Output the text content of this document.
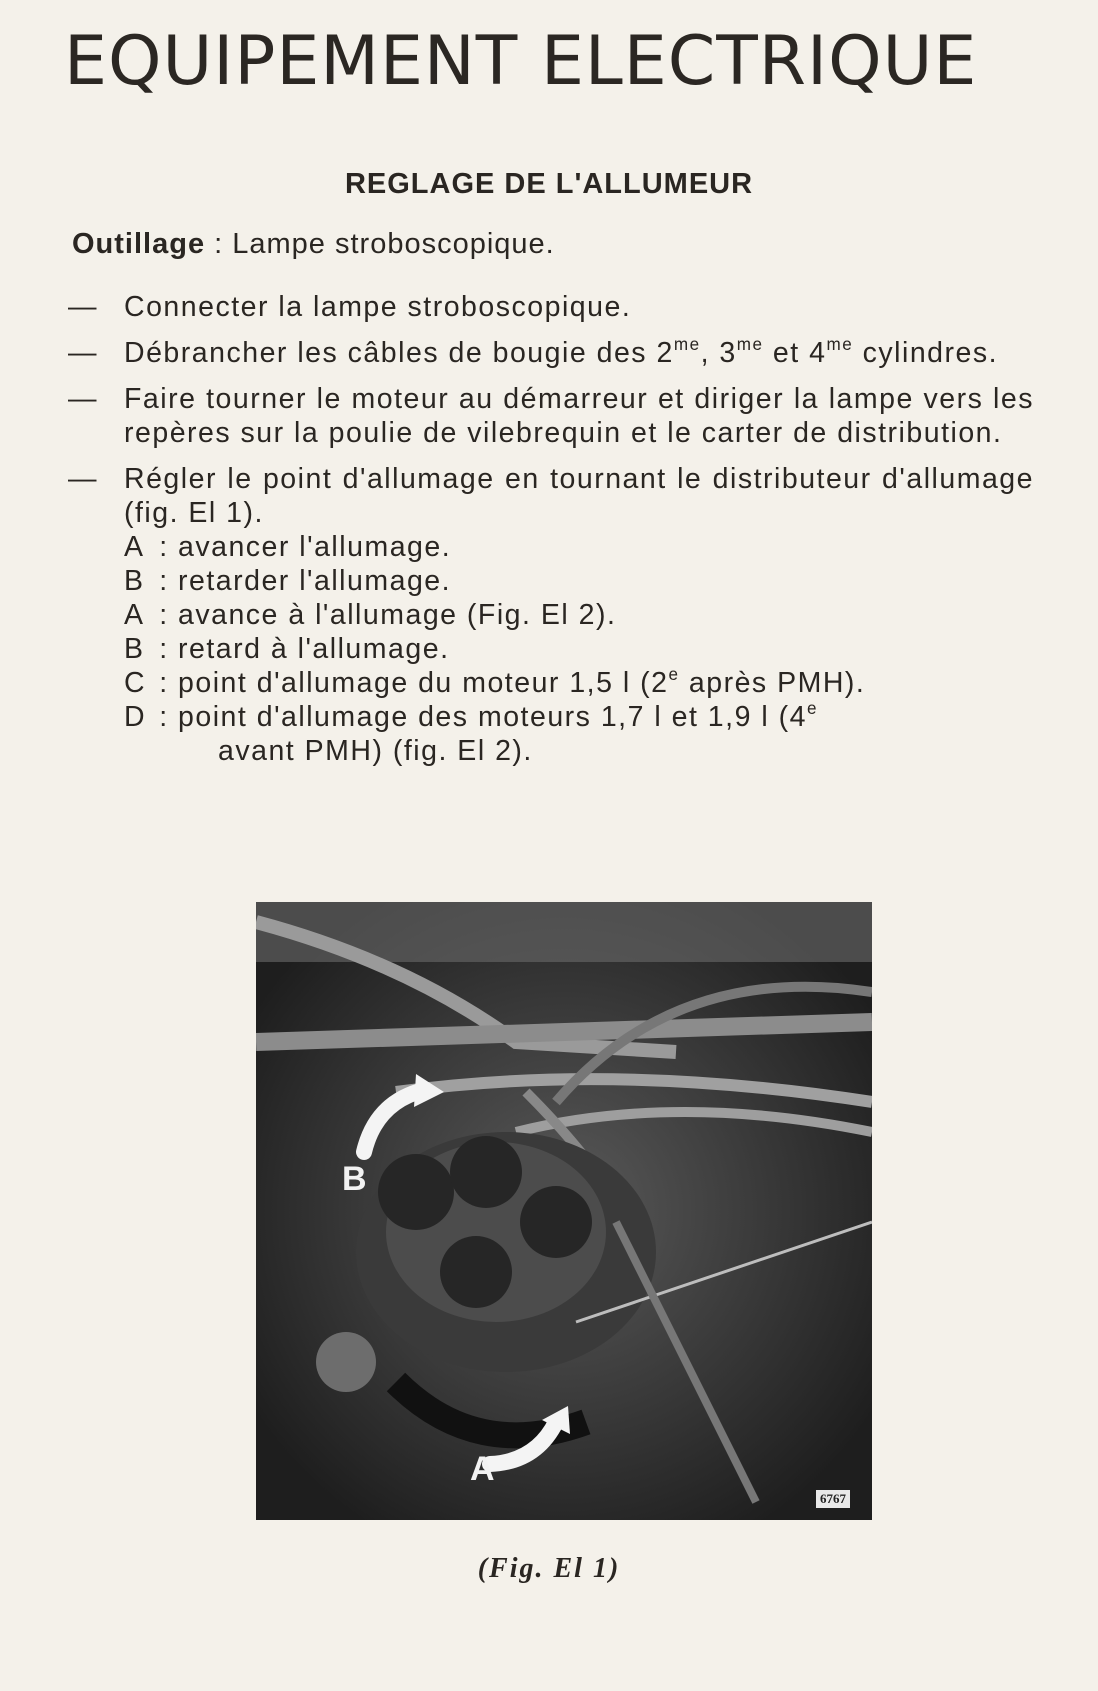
EQUIPEMENT ELECTRIQUE
REGLAGE DE L'ALLUMEUR
Outillage : Lampe stroboscopique.
— Connecter la lampe stroboscopique.
— Débrancher les câbles de bougie des $2^{me}$, $3^{me}$ et $4^{me}$ cylindres.
— Faire tourner le moteur au démarreur et diriger la lampe vers les repères sur la poulie de vilebrequin et le carter de distribution.
— Régler le point d'allumage en tournant le distributeur d'allumage (fig. El 1).
A : avancer l'allumage.
B : retarder l'allumage.
A : avance à l'allumage (Fig. El 2).
B : retard à l'allumage.
C : point d'allumage du moteur 1,5 l (2e après PMH).
D : point d'allumage des moteurs 1,7 l et 1,9 l (4e
avant PMH) (fig. El 2).
B
A
6767
(Fig. El 1)
